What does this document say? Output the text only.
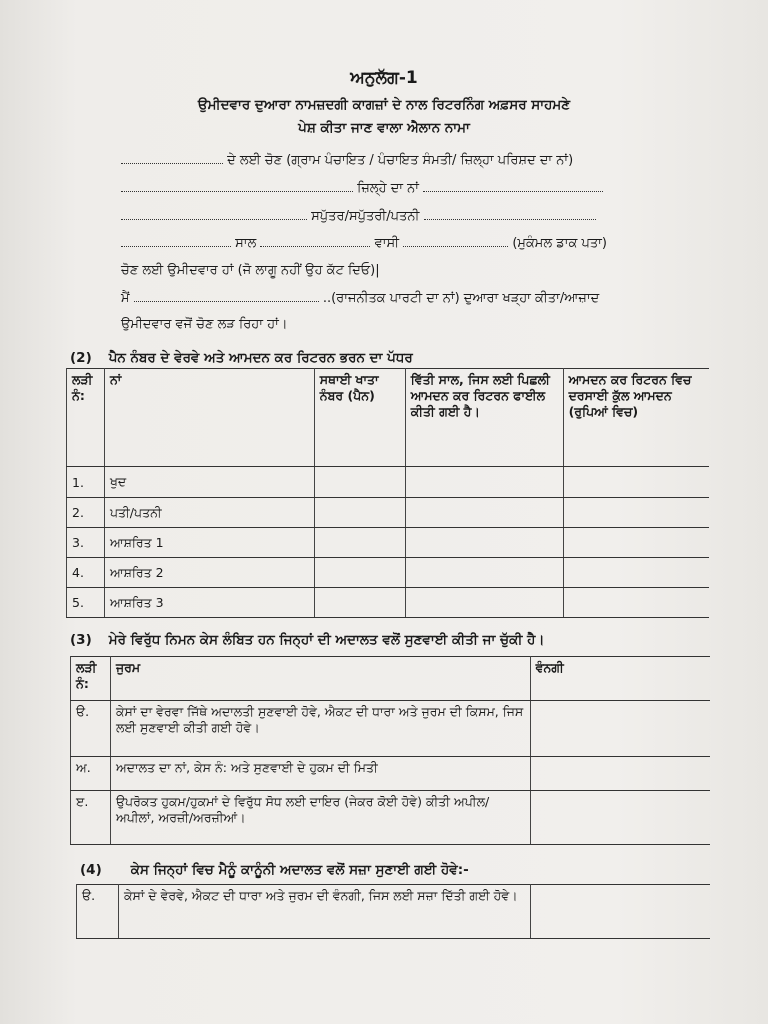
ਅਨੁਲੱਗ-1
ਉਮੀਦਵਾਰ ਦੁਆਰਾ ਨਾਮਜ਼ਦਗੀ ਕਾਗਜ਼ਾਂ ਦੇ ਨਾਲ ਰਿਟਰਨਿੰਗ ਅਫ਼ਸਰ ਸਾਹਮਣੇ
ਪੇਸ਼ ਕੀਤਾ ਜਾਣ ਵਾਲਾ ਐਲਾਨ ਨਾਮਾ
ਦੇ ਲਈ ਚੋਣ (ਗ੍ਰਾਮ ਪੰਚਾਇਤ / ਪੰਚਾਇਤ ਸੰਮਤੀ/ ਜ਼ਿਲ੍ਹਾ ਪਰਿਸ਼ਦ ਦਾ ਨਾਂ)
ਜ਼ਿਲ੍ਹੇ ਦਾ ਨਾਂ
ਸਪੁੱਤਰ/ਸਪੁੱਤਰੀ/ਪਤਨੀ
ਸਾਲ	ਵਾਸੀ	(ਮੁਕੰਮਲ ਡਾਕ ਪਤਾ)
ਚੋਣ ਲਈ ਉਮੀਦਵਾਰ ਹਾਂ (ਜੋ ਲਾਗੂ ਨਹੀਂ ਉਹ ਕੱਟ ਦਿਓ)|
ਮੈਂ	..(ਰਾਜਨੀਤਕ ਪਾਰਟੀ ਦਾ ਨਾਂ) ਦੁਆਰਾ ਖੜ੍ਹਾ ਕੀਤਾ/ਆਜ਼ਾਦ
ਉਮੀਦਵਾਰ ਵਜੋਂ ਚੋਣ ਲੜ ਰਿਹਾ ਹਾਂ।
(2) ਪੈਨ ਨੰਬਰ ਦੇ ਵੇਰਵੇ ਅਤੇ ਆਮਦਨ ਕਰ ਰਿਟਰਨ ਭਰਨ ਦਾ ਪੱਧਰ
ਲੜੀ ਨੰ:	ਨਾਂ	ਸਥਾਈ ਖਾਤਾ ਨੰਬਰ (ਪੈਨ)	ਵਿੱਤੀ ਸਾਲ, ਜਿਸ ਲਈ ਪਿਛਲੀ ਆਮਦਨ ਕਰ ਰਿਟਰਨ ਫਾਈਲ ਕੀਤੀ ਗਈ ਹੈ।	ਆਮਦਨ ਕਰ ਰਿਟਰਨ ਵਿਚ ਦਰਸਾਈ ਕੁੱਲ ਆਮਦਨ (ਰੁਪਿਆਂ ਵਿਚ)
1.	ਖੁਦ			
2.	ਪਤੀ/ਪਤਨੀ			
3.	ਆਸ਼ਰਿਤ 1			
4.	ਆਸ਼ਰਿਤ 2			
5.	ਆਸ਼ਰਿਤ 3			
(3) ਮੇਰੇ ਵਿਰੁੱਧ ਨਿਮਨ ਕੇਸ ਲੰਬਿਤ ਹਨ ਜਿਨ੍ਹਾਂ ਦੀ ਅਦਾਲਤ ਵਲੋਂ ਸੁਣਵਾਈ ਕੀਤੀ ਜਾ ਚੁੱਕੀ ਹੈ।
ਲੜੀ ਨੰ:	ਜੁਰਮ	ਵੰਨਗੀ
ੳ.	ਕੇਸਾਂ ਦਾ ਵੇਰਵਾ ਜਿੱਥੇ ਅਦਾਲਤੀ ਸੁਣਵਾਈ ਹੋਵੇ, ਐਕਟ ਦੀ ਧਾਰਾ ਅਤੇ ਜੁਰਮ ਦੀ ਕਿਸਮ, ਜਿਸ ਲਈ ਸੁਣਵਾਈ ਕੀਤੀ ਗਈ ਹੋਵੇ।	
ਅ.	ਅਦਾਲਤ ਦਾ ਨਾਂ, ਕੇਸ ਨੰ: ਅਤੇ ਸੁਣਵਾਈ ਦੇ ਹੁਕਮ ਦੀ ਮਿਤੀ	
ੲ.	ਉਪਰੋਕਤ ਹੁਕਮ/ਹੁਕਮਾਂ ਦੇ ਵਿਰੁੱਧ ਸੋਧ ਲਈ ਦਾਇਰ (ਜੇਕਰ ਕੋਈ ਹੋਵੇ) ਕੀਤੀ ਅਪੀਲ/ਅਪੀਲਾਂ, ਅਰਜ਼ੀ/ਅਰਜ਼ੀਆਂ।	
(4) ਕੇਸ ਜਿਨ੍ਹਾਂ ਵਿਚ ਮੈਨੂੰ ਕਾਨੂੰਨੀ ਅਦਾਲਤ ਵਲੋਂ ਸਜ਼ਾ ਸੁਣਾਈ ਗਈ ਹੋਵੇ:-
ੳ.	ਕੇਸਾਂ ਦੇ ਵੇਰਵੇ, ਐਕਟ ਦੀ ਧਾਰਾ ਅਤੇ ਜੁਰਮ ਦੀ ਵੰਨਗੀ, ਜਿਸ ਲਈ ਸਜ਼ਾ ਦਿੱਤੀ ਗਈ ਹੋਵੇ।	
